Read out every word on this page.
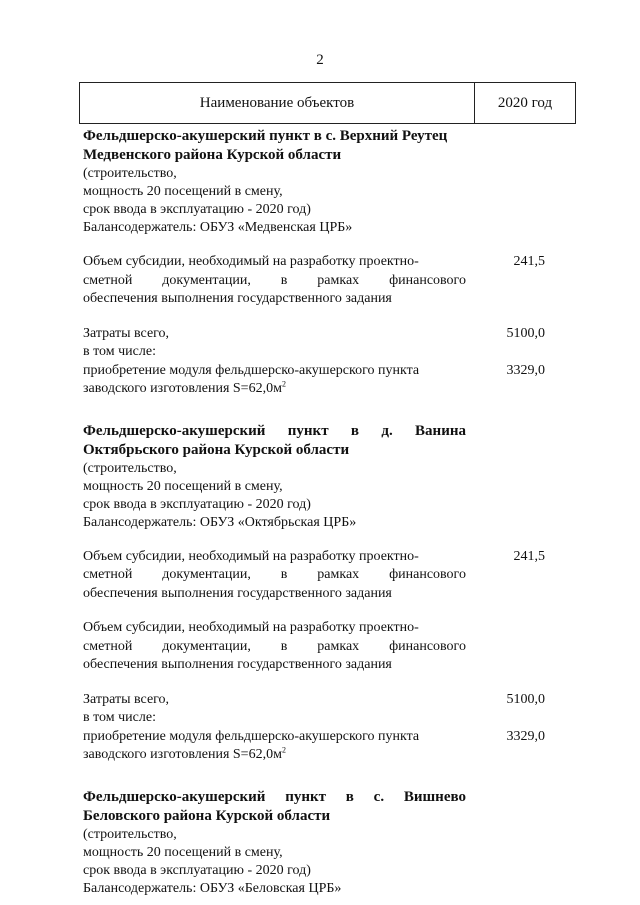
2
Наименование объектов	2020 год
Фельдшерско-акушерский пункт в с. Верхний Реутец
Медвенского района Курской области
(строительство,
мощность 20 посещений в смену,
срок ввода в эксплуатацию - 2020 год)
Балансодержатель: ОБУЗ «Медвенская ЦРБ»
Объем субсидии, необходимый на разработку проектно-
сметной документации, в рамках финансового
обеспечения выполнения государственного задания
241,5
Затраты всего,
в том числе:
5100,0
приобретение модуля фельдшерско-акушерского пункта
заводского изготовления $S=62,0м^2$
3329,0
Фельдшерско-акушерский пункт в д. Ванина
Октябрьского района Курской области
(строительство,
мощность 20 посещений в смену,
срок ввода в эксплуатацию - 2020 год)
Балансодержатель: ОБУЗ «Октябрьская ЦРБ»
Объем субсидии, необходимый на разработку проектно-
сметной документации, в рамках финансового
обеспечения выполнения государственного задания
241,5
Объем субсидии, необходимый на разработку проектно-
сметной документации, в рамках финансового
обеспечения выполнения государственного задания
Затраты всего,
в том числе:
5100,0
приобретение модуля фельдшерско-акушерского пункта
заводского изготовления $S=62,0м^2$
3329,0
Фельдшерско-акушерский пункт в с. Вишнево
Беловского района Курской области
(строительство,
мощность 20 посещений в смену,
срок ввода в эксплуатацию - 2020 год)
Балансодержатель: ОБУЗ «Беловская ЦРБ»
